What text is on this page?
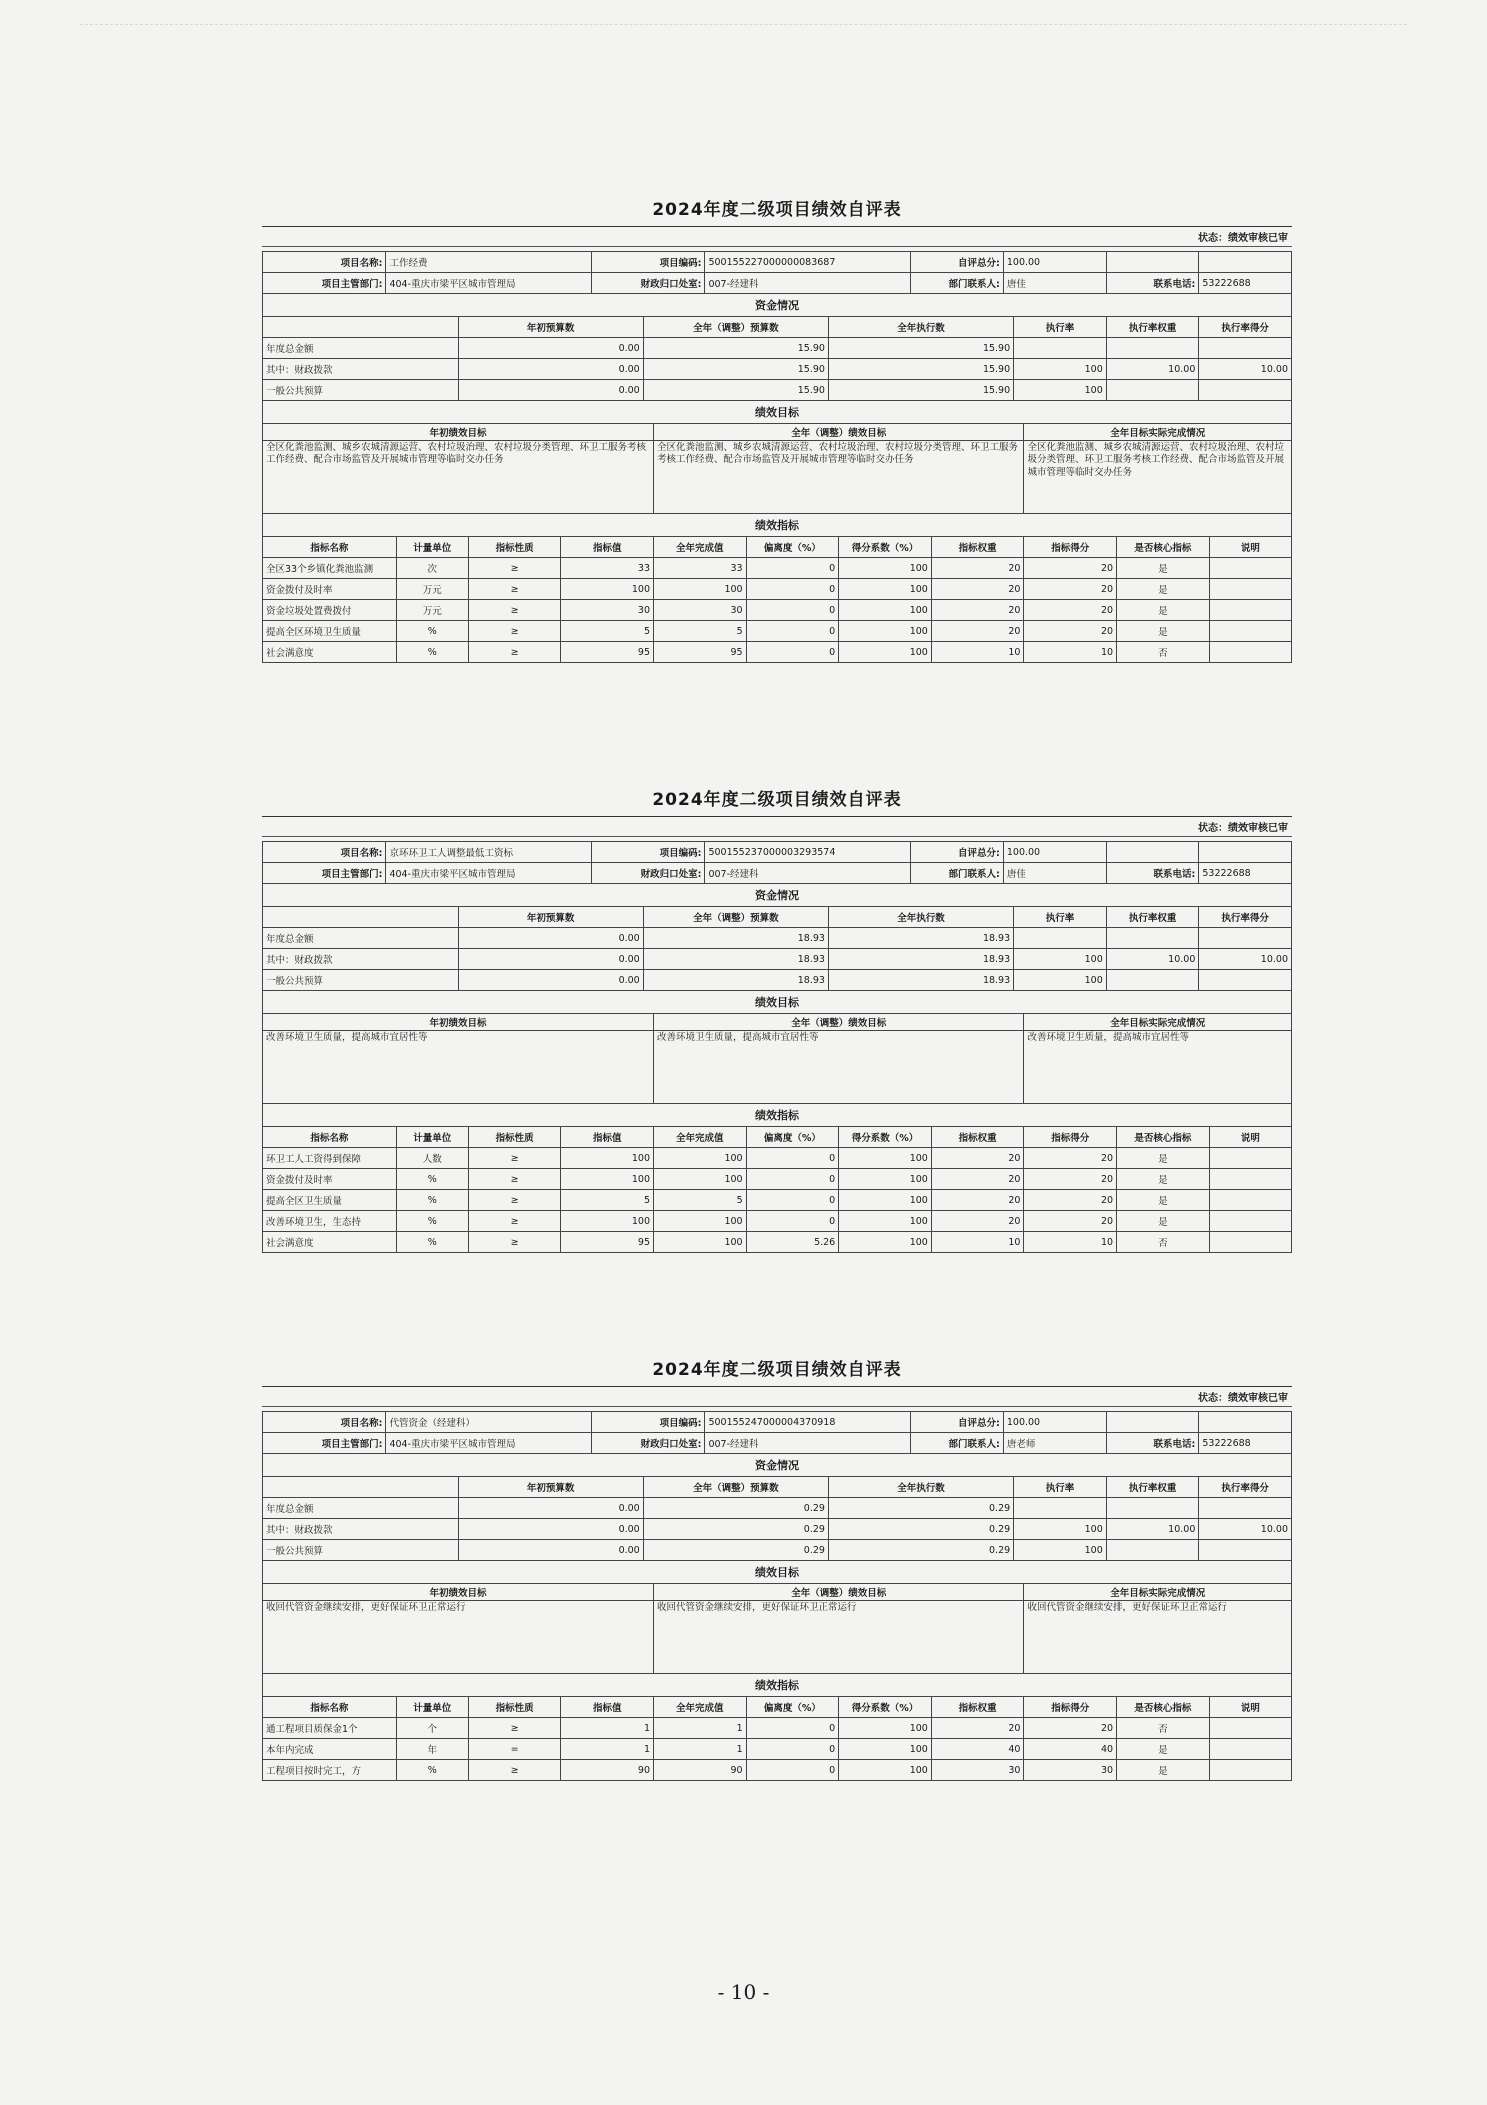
2024年度二级项目绩效自评表
状态：绩效审核已审
项目名称:	工作经费	项目编码:	500155227000000083687	自评总分:	100.00		
项目主管部门:	404-重庆市梁平区城市管理局	财政归口处室:	007-经建科	部门联系人:	唐佳	联系电话:	53222688
资金情况
	年初预算数	全年（调整）预算数	全年执行数	执行率	执行率权重	执行率得分
年度总金额	0.00	15.90	15.90			
其中：财政拨款	0.00	15.90	15.90	100	10.00	10.00
一般公共预算	0.00	15.90	15.90	100		
绩效目标
年初绩效目标	全年（调整）绩效目标	全年目标实际完成情况
全区化粪池监测、城乡农城清源运营、农村垃圾治理、农村垃圾分类管理、环卫工服务考核工作经费、配合市场监管及开展城市管理等临时交办任务	全区化粪池监测、城乡农城清源运营、农村垃圾治理、农村垃圾分类管理、环卫工服务考核工作经费、配合市场监管及开展城市管理等临时交办任务	全区化粪池监测、城乡农城清源运营、农村垃圾治理、农村垃圾分类管理、环卫工服务考核工作经费、配合市场监管及开展城市管理等临时交办任务
绩效指标
指标名称	计量单位	指标性质	指标值	全年完成值	偏离度（%）	得分系数（%）	指标权重	指标得分	是否核心指标	说明
全区33个乡镇化粪池监测	次	≥	33	33	0	100	20	20	是	
资金拨付及时率	万元	≥	100	100	0	100	20	20	是	
资金垃圾处置费拨付	万元	≥	30	30	0	100	20	20	是	
提高全区环境卫生质量	%	≥	5	5	0	100	20	20	是	
社会满意度	%	≥	95	95	0	100	10	10	否	
2024年度二级项目绩效自评表
状态：绩效审核已审
项目名称:	京环环卫工人调整最低工资标	项目编码:	500155237000003293574	自评总分:	100.00		
项目主管部门:	404-重庆市梁平区城市管理局	财政归口处室:	007-经建科	部门联系人:	唐佳	联系电话:	53222688
资金情况
	年初预算数	全年（调整）预算数	全年执行数	执行率	执行率权重	执行率得分
年度总金额	0.00	18.93	18.93			
其中：财政拨款	0.00	18.93	18.93	100	10.00	10.00
一般公共预算	0.00	18.93	18.93	100		
绩效目标
年初绩效目标	全年（调整）绩效目标	全年目标实际完成情况
改善环境卫生质量，提高城市宜居性等	改善环境卫生质量，提高城市宜居性等	改善环境卫生质量，提高城市宜居性等
绩效指标
指标名称	计量单位	指标性质	指标值	全年完成值	偏离度（%）	得分系数（%）	指标权重	指标得分	是否核心指标	说明
环卫工人工资得到保障	人数	≥	100	100	0	100	20	20	是	
资金拨付及时率	%	≥	100	100	0	100	20	20	是	
提高全区卫生质量	%	≥	5	5	0	100	20	20	是	
改善环境卫生，生态持	%	≥	100	100	0	100	20	20	是	
社会满意度	%	≥	95	100	5.26	100	10	10	否	
2024年度二级项目绩效自评表
状态：绩效审核已审
项目名称:	代管资金（经建科）	项目编码:	500155247000004370918	自评总分:	100.00		
项目主管部门:	404-重庆市梁平区城市管理局	财政归口处室:	007-经建科	部门联系人:	唐老师	联系电话:	53222688
资金情况
	年初预算数	全年（调整）预算数	全年执行数	执行率	执行率权重	执行率得分
年度总金额	0.00	0.29	0.29			
其中：财政拨款	0.00	0.29	0.29	100	10.00	10.00
一般公共预算	0.00	0.29	0.29	100		
绩效目标
年初绩效目标	全年（调整）绩效目标	全年目标实际完成情况
收回代管资金继续安排，更好保证环卫正常运行	收回代管资金继续安排，更好保证环卫正常运行	收回代管资金继续安排，更好保证环卫正常运行
绩效指标
指标名称	计量单位	指标性质	指标值	全年完成值	偏离度（%）	得分系数（%）	指标权重	指标得分	是否核心指标	说明
通工程项目质保金1个	个	≥	1	1	0	100	20	20	否	
本年内完成	年	=	1	1	0	100	40	40	是	
工程项目按时完工，方	%	≥	90	90	0	100	30	30	是	
- 10 -
